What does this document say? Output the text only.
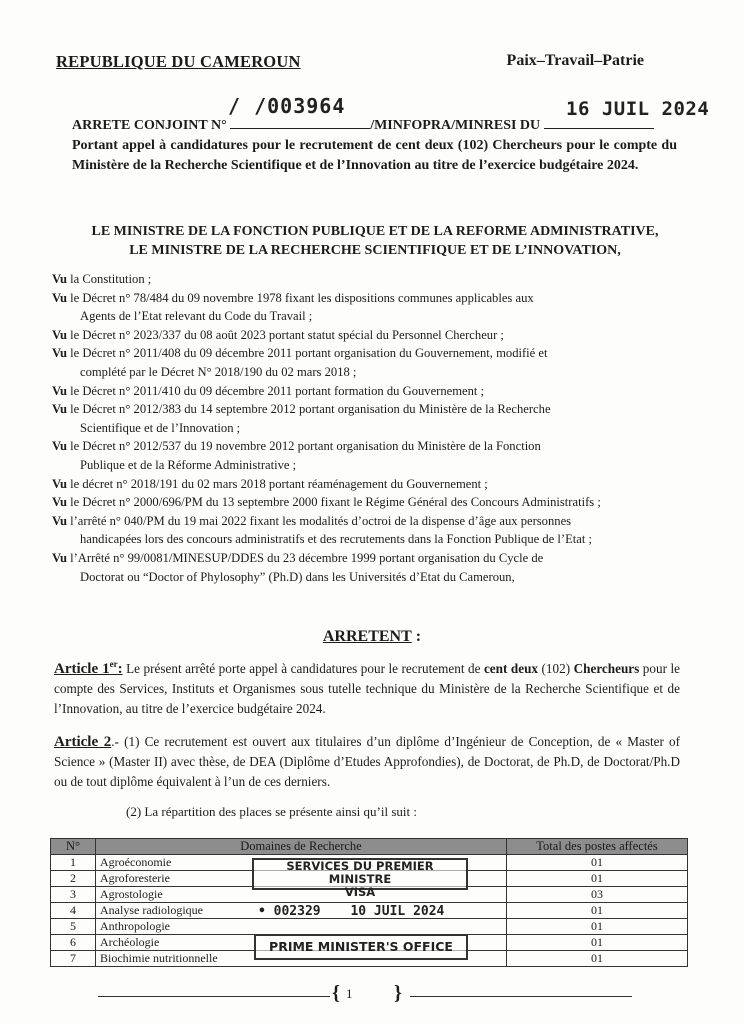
REPUBLIQUE DU CAMEROUN	Paix–Travail–Patrie
/ /003964	16 JUIL 2024
ARRETE CONJOINT N°	/MINFOPRA/MINRESI DU
Portant appel à candidatures pour le recrutement de cent deux (102) Chercheurs pour le compte du Ministère de la Recherche Scientifique et de l’Innovation au titre de l’exercice budgétaire 2024.
LE MINISTRE DE LA FONCTION PUBLIQUE ET DE LA REFORME ADMINISTRATIVE,
LE MINISTRE DE LA RECHERCHE SCIENTIFIQUE ET DE L’INNOVATION,
Vu la Constitution ;
Vu le Décret n° 78/484 du 09 novembre 1978 fixant les dispositions communes applicables aux
Agents de l’Etat relevant du Code du Travail ;
Vu le Décret n° 2023/337 du 08 août 2023 portant statut spécial du Personnel Chercheur ;
Vu le Décret n° 2011/408 du 09 décembre 2011 portant organisation du Gouvernement, modifié et
complété par le Décret N° 2018/190 du 02 mars 2018 ;
Vu le Décret n° 2011/410 du 09 décembre 2011 portant formation du Gouvernement ;
Vu le Décret n° 2012/383 du 14 septembre 2012 portant organisation du Ministère de la Recherche
Scientifique et de l’Innovation ;
Vu le Décret n° 2012/537 du 19 novembre 2012 portant organisation du Ministère de la Fonction
Publique et de la Réforme Administrative ;
Vu le décret n° 2018/191 du 02 mars 2018 portant réaménagement du Gouvernement ;
Vu le Décret n° 2000/696/PM du 13 septembre 2000 fixant le Régime Général des Concours Administratifs ;
Vu l’arrêté n° 040/PM du 19 mai 2022 fixant les modalités d’octroi de la dispense d’âge aux personnes
handicapées lors des concours administratifs et des recrutements dans la Fonction Publique de l’Etat ;
Vu l’Arrêté n° 99/0081/MINESUP/DDES du 23 décembre 1999 portant organisation du Cycle de
Doctorat ou “Doctor of Phylosophy” (Ph.D) dans les Universités d’Etat du Cameroun,
ARRETENT :
Article 1er: Le présent arrêté porte appel à candidatures pour le recrutement de cent deux (102) Chercheurs pour le compte des Services, Instituts et Organismes sous tutelle technique du Ministère de la Recherche Scientifique et de l’Innovation, au titre de l’exercice budgétaire 2024.
Article 2.- (1) Ce recrutement est ouvert aux titulaires d’un diplôme d’Ingénieur de Conception, de « Master of Science » (Master II) avec thèse, de DEA (Diplôme d’Etudes Approfondies), de Doctorat, de Ph.D, de Doctorat/Ph.D ou de tout diplôme équivalent à l’un de ces derniers.
(2) La répartition des places se présente ainsi qu’il suit :
N°	Domaines de Recherche	Total des postes affectés
1	Agroéconomie	01
2	Agroforesterie	01
3	Agrostologie	03
4	Analyse radiologique	01
5	Anthropologie	01
6	Archéologie	01
7	Biochimie nutritionnelle	01
SERVICES DU PREMIER MINISTRE
VISA
• 002329 10 JUIL 2024
PRIME MINISTER'S OFFICE
{ 1 }
